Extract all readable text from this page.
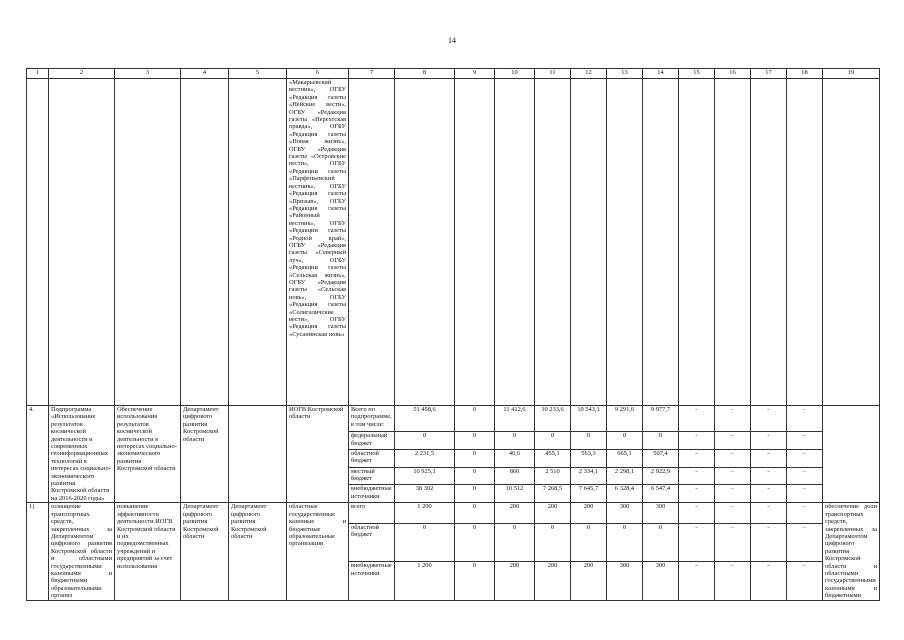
14
1	2	3	4	5	6	7	8	9	10	11	12	13	14	15	16	17	18	19
					«Макарьевский вестник», ОГБУ «Редакция газеты «Нейские вести», ОГБУ «Редакция газеты «Нерехтская правда», ОГБУ «Редакция газеты «Новая жизнь», ОГБУ «Редакция газеты «Островские вести», ОГБУ «Редакции газеты «Парфеньевский вестник», ОГБУ «Редакция газеты «Призыв», ОГБУ «Редакция газеты «Районный вестник», ОГБУ «Редакции газеты «Родной край», ОГБУ «Редакция газеты «Северный луч», ОГБУ «Редакции газеты «Сельская жизнь», ОГБУ «Редакция газеты «Сельская новь», ОГБУ «Редакция газеты «Солигаличские вести», ОГБУ «Редакция газеты «Сусанинская новь»													
4.	Подпрограмма «Использование результатов космической деятельности и современных геоинформационных технологий в интересах социально-экономического развития Костромской области на 2016-2020 годы»	Обеспечение использования результатов космической деятельности в интересах социально-экономического развития Костромской области	Департамент цифрового развития Костромской области		ИОГВ Костромской области	Всего по подпрограмме, в том числе:	51 458,6	0	11 412,6	10 233,6	10 543,1	9 291,6	9 977,7	-	-	-	-	
						федеральный бюджет	0	0	0	0	0	0	0	-	-	-	-	
						областной бюджет	2 231,5	0	40,6	455,1	563,3	665,1	507,4	-	-	-	-	
						местный бюджет	10 925,1	0	860	2 510	2 334,1	2 298,1	2 922,9	-	-	-	-	
						внебюджетные источники	38 302	0	10 512	7 268,5	7 645,7	6 328,4	6 547,4	-	-	-	-	
1)	оснащение транспортных средств, закрепленных за Департаментом цифрового развития Костромской области и областными государственными казенными и бюджетными образовательными организ	повышение эффективности деятельности ИОГВ Костромской области и их подведомственных учреждений и предприятий за счет использования	Департамент цифрового развития Костромской области	Департамент цифрового развития Костромской области	областные государственные казенные и бюджетные образовательные организации	всего	1 200	0	200	200	200	300	300	-	-	-	-	обеспечение доли транспортных средств, закрепленных за Департаментом цифрового развития Костромской области и областными государственными казенными и бюджетными
						областной бюджет	0	0	0	0	0	0	0	-	-	-	-	
						внебюджетные источники	1 200	0	200	200	200	300	300	-	-	-	-	
